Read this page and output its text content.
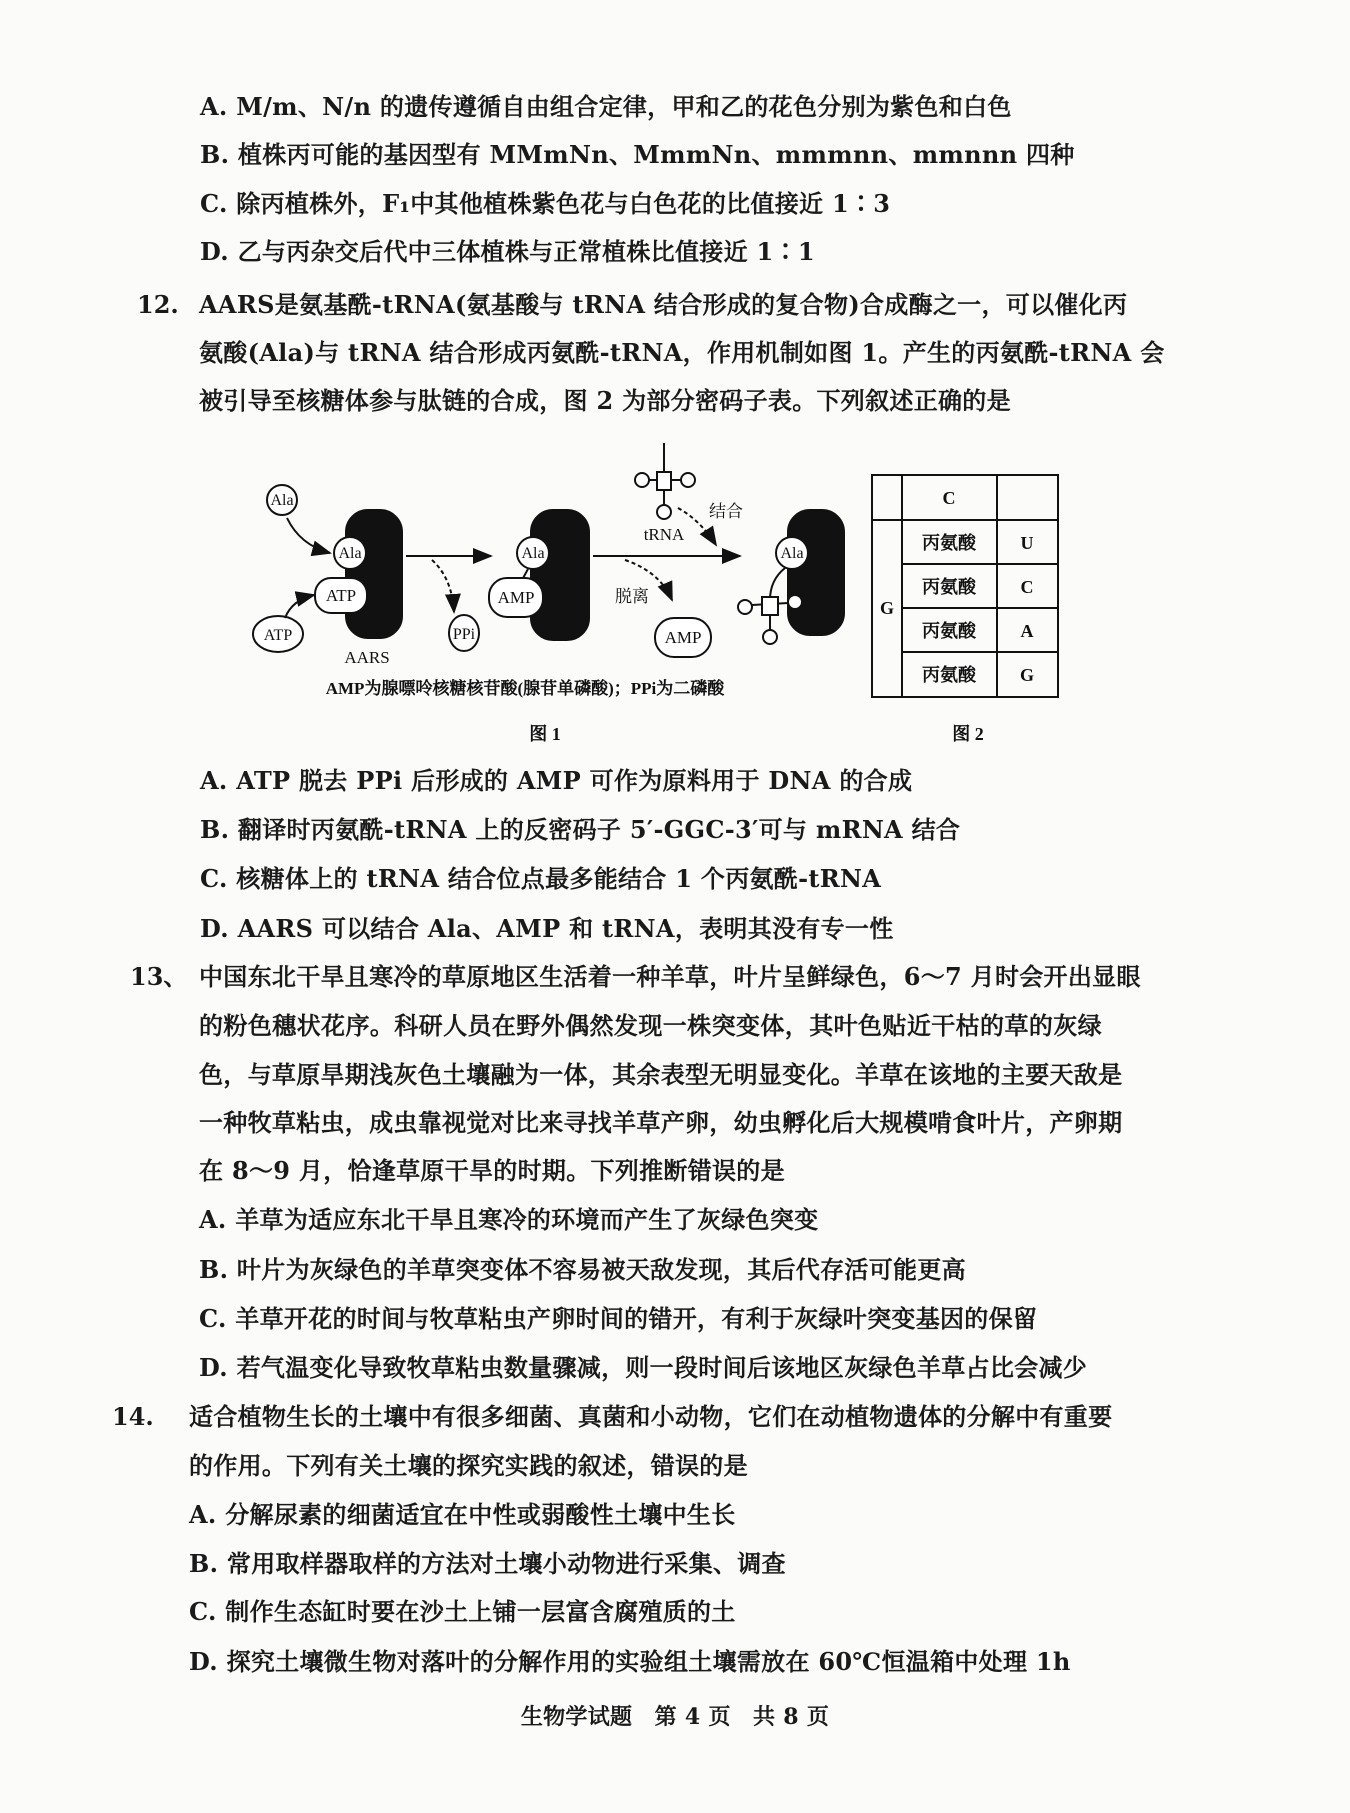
A. M/m、N/n 的遗传遵循自由组合定律，甲和乙的花色分别为紫色和白色
B. 植株丙可能的基因型有 MMmNn、MmmNn、mmmnn、mmnnn 四种
C. 除丙植株外，F₁中其他植株紫色花与白色花的比值接近 1∶3
D. 乙与丙杂交后代中三体植株与正常植株比值接近 1∶1
12. AARS是氨基酰-tRNA(氨基酸与 tRNA 结合形成的复合物)合成酶之一，可以催化丙
氨酸(Ala)与 tRNA 结合形成丙氨酰-tRNA，作用机制如图 1。产生的丙氨酰-tRNA 会
被引导至核糖体参与肽链的合成，图 2 为部分密码子表。下列叙述正确的是
Ala
ATP
Ala
ATP
AARS
PPi
Ala
AMP	脱离
AMP
tRNA
结合
Ala
AMP为腺嘌呤核糖核苷酸(腺苷单磷酸)；PPi为二磷酸
图 1
C
G
丙氨酸 U
丙氨酸 C
丙氨酸 A
丙氨酸 G
图 2
A. ATP 脱去 PPi 后形成的 AMP 可作为原料用于 DNA 的合成
B. 翻译时丙氨酰-tRNA 上的反密码子 5′-GGC-3′可与 mRNA 结合
C. 核糖体上的 tRNA 结合位点最多能结合 1 个丙氨酰-tRNA
D. AARS 可以结合 Ala、AMP 和 tRNA，表明其没有专一性
13、 中国东北干旱且寒冷的草原地区生活着一种羊草，叶片呈鲜绿色，6～7 月时会开出显眼
的粉色穗状花序。科研人员在野外偶然发现一株突变体，其叶色贴近干枯的草的灰绿
色，与草原旱期浅灰色土壤融为一体，其余表型无明显变化。羊草在该地的主要天敌是
一种牧草粘虫，成虫靠视觉对比来寻找羊草产卵，幼虫孵化后大规模啃食叶片，产卵期
在 8～9 月，恰逢草原干旱的时期。下列推断错误的是
A. 羊草为适应东北干旱且寒冷的环境而产生了灰绿色突变
B. 叶片为灰绿色的羊草突变体不容易被天敌发现，其后代存活可能更高
C. 羊草开花的时间与牧草粘虫产卵时间的错开，有利于灰绿叶突变基因的保留
D. 若气温变化导致牧草粘虫数量骤减，则一段时间后该地区灰绿色羊草占比会减少
14. 适合植物生长的土壤中有很多细菌、真菌和小动物，它们在动植物遗体的分解中有重要
的作用。下列有关土壤的探究实践的叙述，错误的是
A. 分解尿素的细菌适宜在中性或弱酸性土壤中生长
B. 常用取样器取样的方法对土壤小动物进行采集、调查
C. 制作生态缸时要在沙土上铺一层富含腐殖质的土
D. 探究土壤微生物对落叶的分解作用的实验组土壤需放在 60℃恒温箱中处理 1h
生物学试题　第 4 页　共 8 页
